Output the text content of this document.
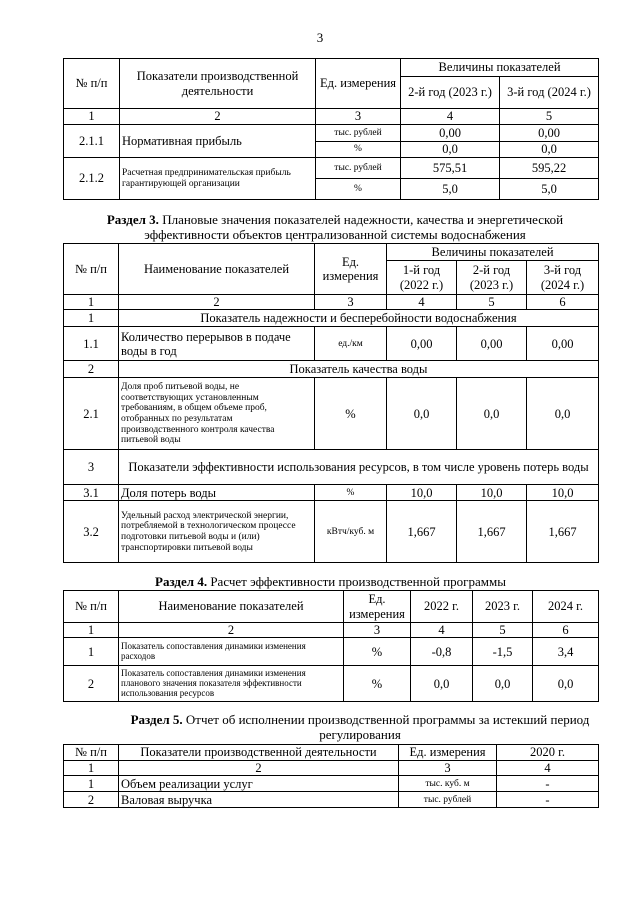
3
№ п/п	Показатели производственной деятельности	Ед. измерения	Величины показателей	
			2-й год (2023 г.)	3-й год (2024 г.)
1	2	3	4	5
2.1.1	Нормативная прибыль	тыс. рублей	0,00	0,00
		%	0,0	0,0
2.1.2	Расчетная предпринимательская прибыль гарантирующей организации	тыс. рублей	575,51	595,22
		%	5,0	5,0
Раздел 3. Плановые значения показателей надежности, качества и энергетической эффективности объектов централизованной системы водоснабжения
№ п/п	Наименование показателей	Ед. измерения	Величины показателей		
			1-й год (2022 г.)	2-й год (2023 г.)	3-й год (2024 г.)
1	2	3	4	5	6
1	Показатель надежности и бесперебойности водоснабжения				
1.1	Количество перерывов в подаче воды в год	ед./км	0,00	0,00	0,00
2	Показатель качества воды				
2.1	Доля проб питьевой воды, не соответствующих установленным требованиям, в общем объеме проб, отобранных по результатам производственного контроля качества питьевой воды	%	0,0	0,0	0,0
3	Показатели эффективности использования ресурсов, в том числе уровень потерь воды				
3.1	Доля потерь воды	%	10,0	10,0	10,0
3.2	Удельный расход электрической энергии, потребляемой в технологическом процессе подготовки питьевой воды и (или) транспортировки питьевой воды	кВтч/куб. м	1,667	1,667	1,667
Раздел 4. Расчет эффективности производственной программы
№ п/п	Наименование показателей	Ед. измерения	2022 г.	2023 г.	2024 г.
1	2	3	4	5	6
1	Показатель сопоставления динамики изменения расходов	%	-0,8	-1,5	3,4
2	Показатель сопоставления динамики изменения планового значения показателя эффективности использования ресурсов	%	0,0	0,0	0,0
Раздел 5. Отчет об исполнении производственной программы за истекший период регулирования
№ п/п	Показатели производственной деятельности	Ед. измерения	2020 г.
1	2	3	4
1	Объем реализации услуг	тыс. куб. м	-
2	Валовая выручка	тыс. рублей	-
